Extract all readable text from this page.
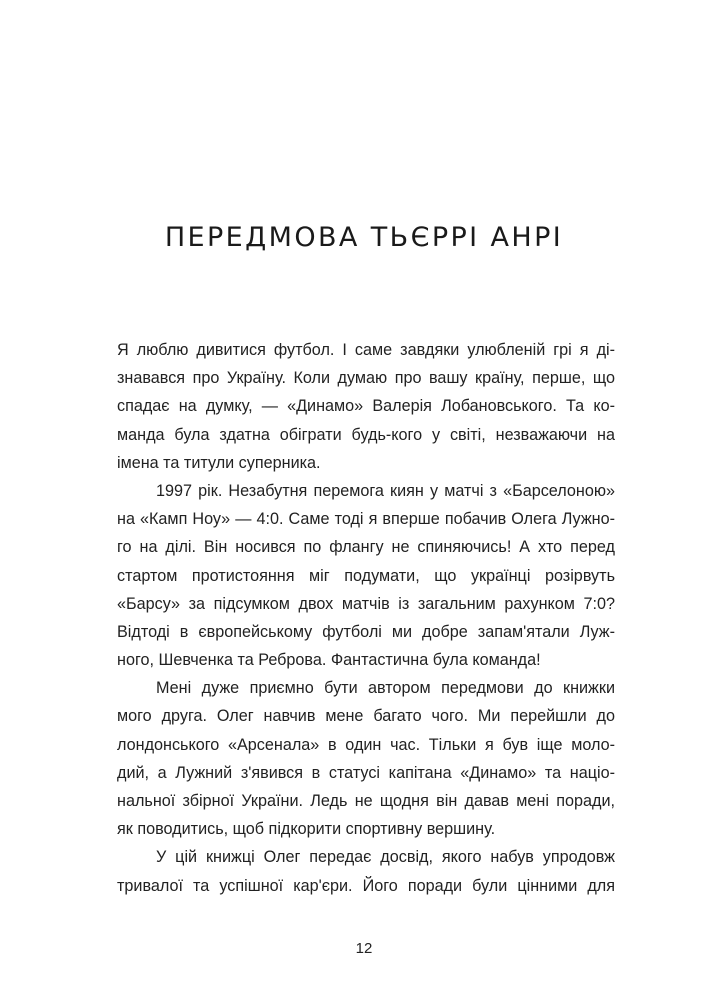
ПЕРЕДМОВА ТЬЄРРІ АНРІ
Я люблю дивитися футбол. І саме завдяки улюбленій грі я ді-
знавався про Україну. Коли думаю про вашу країну, перше, що
спадає на думку, — «Динамо» Валерія Лобановського. Та ко-
манда була здатна обіграти будь-кого у світі, незважаючи на
імена та титули суперника.
1997 рік. Незабутня перемога киян у матчі з «Барселоною»
на «Камп Ноу» — 4:0. Саме тоді я вперше побачив Олега Лужно-
го на ділі. Він носився по флангу не спиняючись! А хто перед
стартом протистояння міг подумати, що українці розірвуть
«Барсу» за підсумком двох матчів із загальним рахунком 7:0?
Відтоді в європейському футболі ми добре запам'ятали Луж-
ного, Шевченка та Реброва. Фантастична була команда!
Мені дуже приємно бути автором передмови до книжки
мого друга. Олег навчив мене багато чого. Ми перейшли до
лондонського «Арсенала» в один час. Тільки я був іще моло-
дий, а Лужний з'явився в статусі капітана «Динамо» та націо-
нальної збірної України. Ледь не щодня він давав мені поради,
як поводитись, щоб підкорити спортивну вершину.
У цій книжці Олег передає досвід, якого набув упродовж
тривалої та успішної кар'єри. Його поради були цінними для
12
